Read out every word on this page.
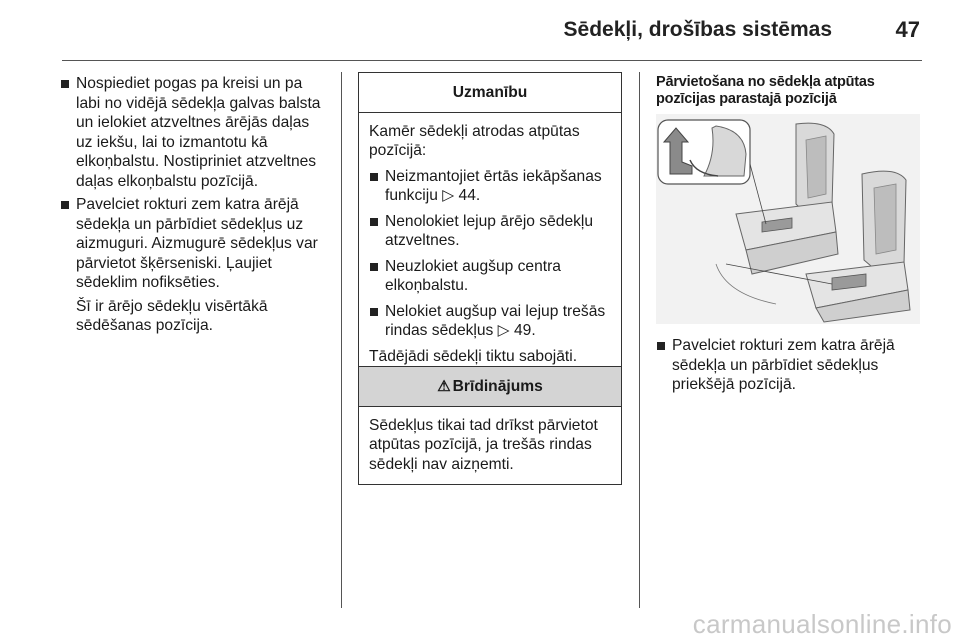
Sēdekļi, drošības sistēmas	47
Nospiediet pogas pa kreisi un pa labi no vidējā sēdekļa galvas balsta un ielokiet atzveltnes ārējās daļas uz iekšu, lai to izmantotu kā elkoņbalstu. Nostipriniet atzveltnes daļas elkoņbalstu pozīcijā.
Pavelciet rokturi zem katra ārējā sēdekļa un pārbīdiet sēdekļus uz aizmuguri. Aizmugurē sēdekļus var pārvietot šķērseniski. Ļaujiet sēdeklim nofiksēties.

Šī ir ārējo sēdekļu visērtākā sēdēšanas pozīcija.

Uzmanību

Kamēr sēdekļi atrodas atpūtas pozīcijā:

Neizmantojiet ērtās iekāpšanas funkciju ▷ 44.
Nenolokiet lejup ārējo sēdekļu atzveltnes.
Neuzlokiet augšup centra elkoņbalstu.
Nelokiet augšup vai lejup trešās rindas sēdekļus ▷ 49.

Tādējādi sēdekļi tiktu sabojāti.

⚠ Brīdinājums

Sēdekļus tikai tad drīkst pārvietot atpūtas pozīcijā, ja trešās rindas sēdekļi nav aizņemti.

Pārvietošana no sēdekļa atpūtas pozīcijas parastajā pozīcijā

Pavelciet rokturi zem katra ārējā sēdekļa un pārbīdiet sēdekļus priekšējā pozīcijā.
carmanualsonline.info
